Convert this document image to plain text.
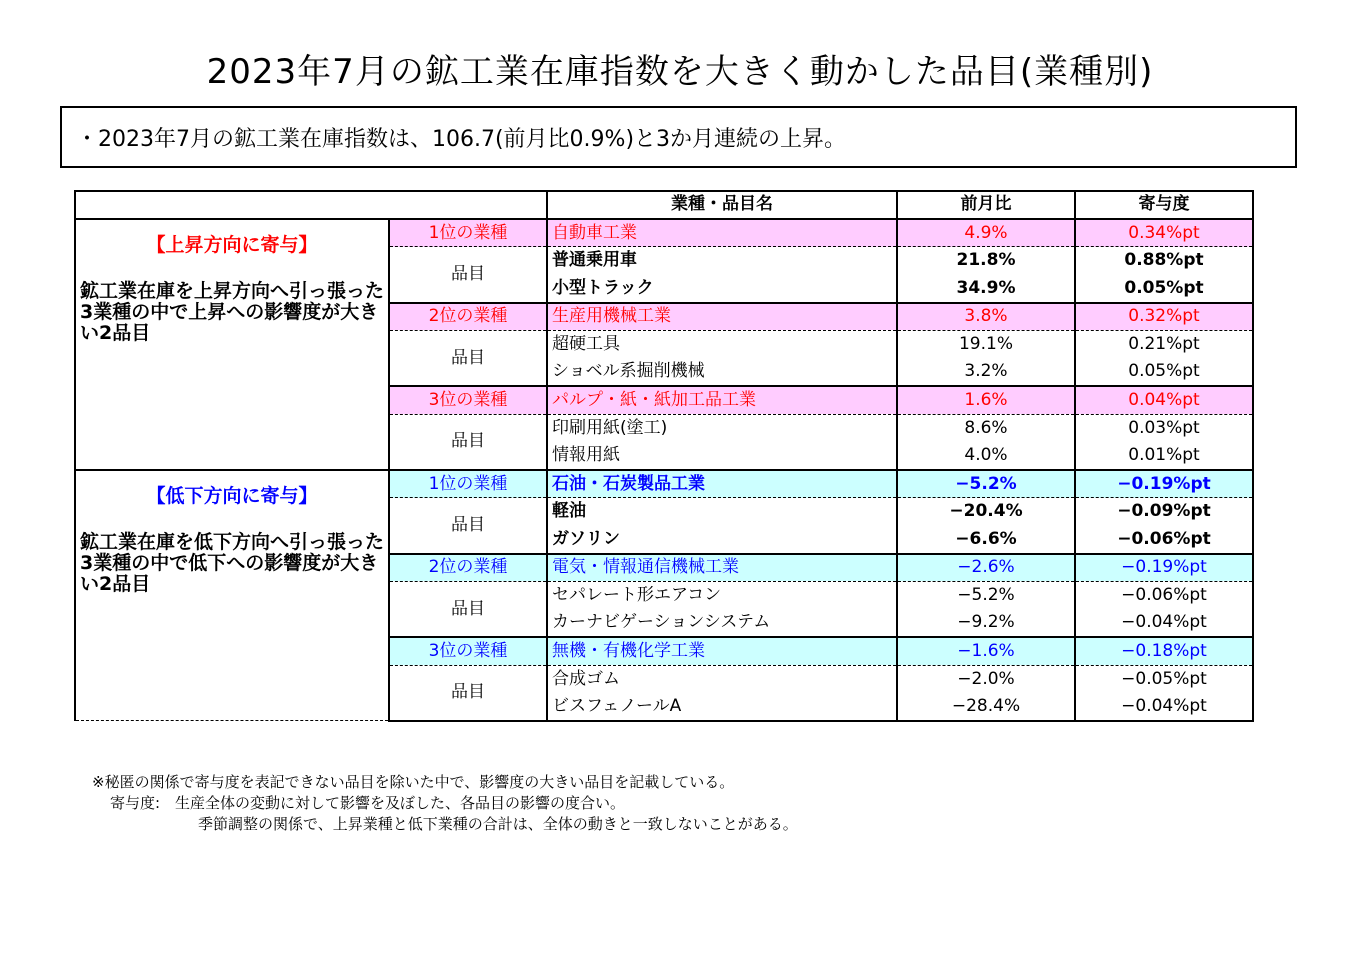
2023年7月の鉱工業在庫指数を大きく動かした品目(業種別)
・2023年7月の鉱工業在庫指数は、106.7(前月比0.9%)と3か月連続の上昇。
		業種・品目名	前月比	寄与度

【上昇方向に寄与】
鉱工業在庫を上昇方向へ引っ張った3業種の中で上昇への影響度が大きい2品目	1位の業種	自動車工業	4.9%	0.34%pt
	品目	普通乗用車	21.8%	0.88%pt
		小型トラック	34.9%	0.05%pt
	2位の業種	生産用機械工業	3.8%	0.32%pt
	品目	超硬工具	19.1%	0.21%pt
		ショベル系掘削機械	3.2%	0.05%pt
	3位の業種	パルプ・紙・紙加工品工業	1.6%	0.04%pt
	品目	印刷用紙(塗工)	8.6%	0.03%pt
		情報用紙	4.0%	0.01%pt

【低下方向に寄与】
鉱工業在庫を低下方向へ引っ張った3業種の中で低下への影響度が大きい2品目	1位の業種	石油・石炭製品工業	−5.2%	−0.19%pt
	品目	軽油	−20.4%	−0.09%pt
		ガソリン	−6.6%	−0.06%pt
	2位の業種	電気・情報通信機械工業	−2.6%	−0.19%pt
	品目	セパレート形エアコン	−5.2%	−0.06%pt
		カーナビゲーションシステム	−9.2%	−0.04%pt
	3位の業種	無機・有機化学工業	−1.6%	−0.18%pt
	品目	合成ゴム	−2.0%	−0.05%pt
		ビスフェノールA	−28.4%	−0.04%pt
※秘匿の関係で寄与度を表記できない品目を除いた中で、影響度の大きい品目を記載している。
寄与度:　生産全体の変動に対して影響を及ぼした、各品目の影響の度合い。
季節調整の関係で、上昇業種と低下業種の合計は、全体の動きと一致しないことがある。
